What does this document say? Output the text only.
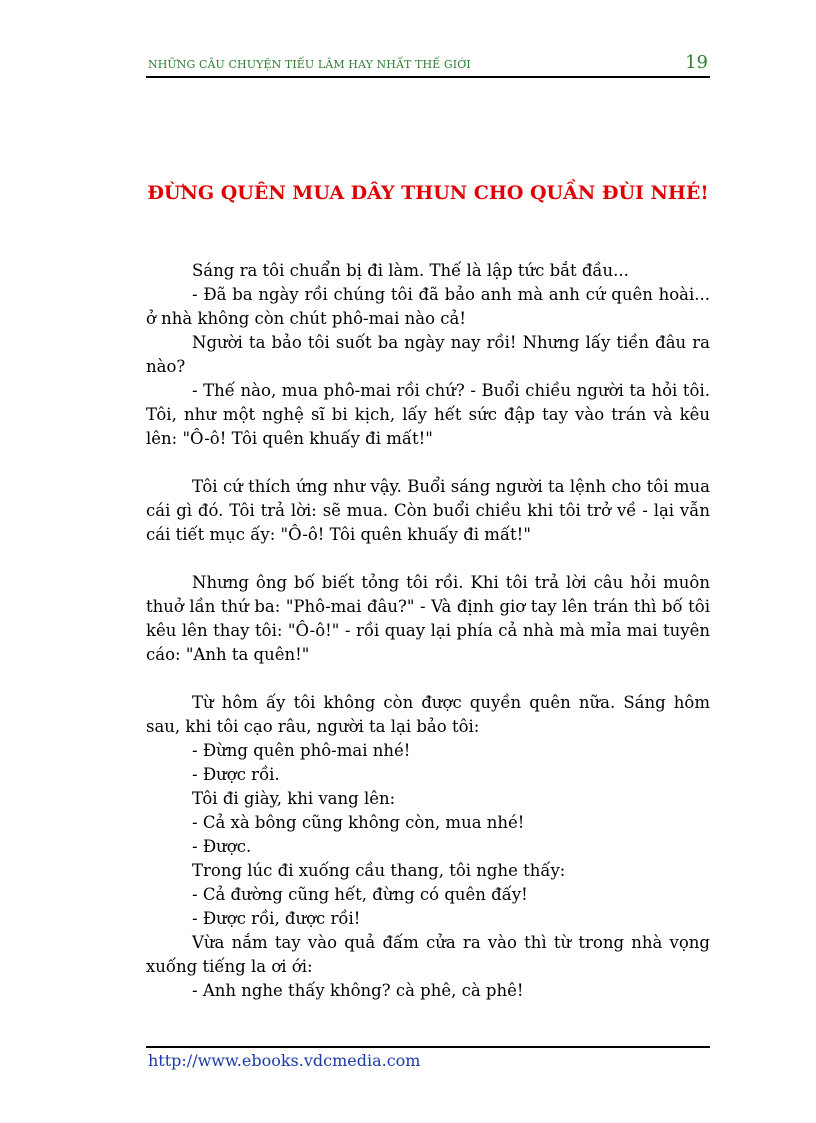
NHỮNG CÂU CHUYỆN TIẾU LÂM HAY NHẤT THẾ GIỚI	19
ĐỪNG QUÊN MUA DÂY THUN CHO QUẦN ĐÙI NHÉ!

Sáng ra tôi chuẩn bị đi làm. Thế là lập tức bắt đầu...

- Đã ba ngày rồi chúng tôi đã bảo anh mà anh cứ quên hoài... ở nhà không còn chút phô-mai nào cả!

Người ta bảo tôi suốt ba ngày nay rồi! Nhưng lấy tiền đâu ra nào?

- Thế nào, mua phô-mai rồi chứ? - Buổi chiều người ta hỏi tôi. Tôi, như một nghệ sĩ bi kịch, lấy hết sức đập tay vào trán và kêu lên: "Ô-ô! Tôi quên khuấy đi mất!"

Tôi cứ thích ứng như vậy. Buổi sáng người ta lệnh cho tôi mua cái gì đó. Tôi trả lời: sẽ mua. Còn buổi chiều khi tôi trở về - lại vẫn cái tiết mục ấy: "Ô-ô! Tôi quên khuấy đi mất!"

Nhưng ông bố biết tỏng tôi rồi. Khi tôi trả lời câu hỏi muôn thuở lần thứ ba: "Phô-mai đâu?" - Và định giơ tay lên trán thì bố tôi kêu lên thay tôi: "Ô-ô!" - rồi quay lại phía cả nhà mà mỉa mai tuyên cáo: "Anh ta quên!"

Từ hôm ấy tôi không còn được quyền quên nữa. Sáng hôm sau, khi tôi cạo râu, người ta lại bảo tôi:

- Đừng quên phô-mai nhé!

- Được rồi.

Tôi đi giày, khi vang lên:

- Cả xà bông cũng không còn, mua nhé!

- Được.

Trong lúc đi xuống cầu thang, tôi nghe thấy:

- Cả đường cũng hết, đừng có quên đấy!

- Được rồi, được rồi!

Vừa nắm tay vào quả đấm cửa ra vào thì từ trong nhà vọng xuống tiếng la ơi ới:

- Anh nghe thấy không? cà phê, cà phê!

http://www.ebooks.vdcmedia.com
